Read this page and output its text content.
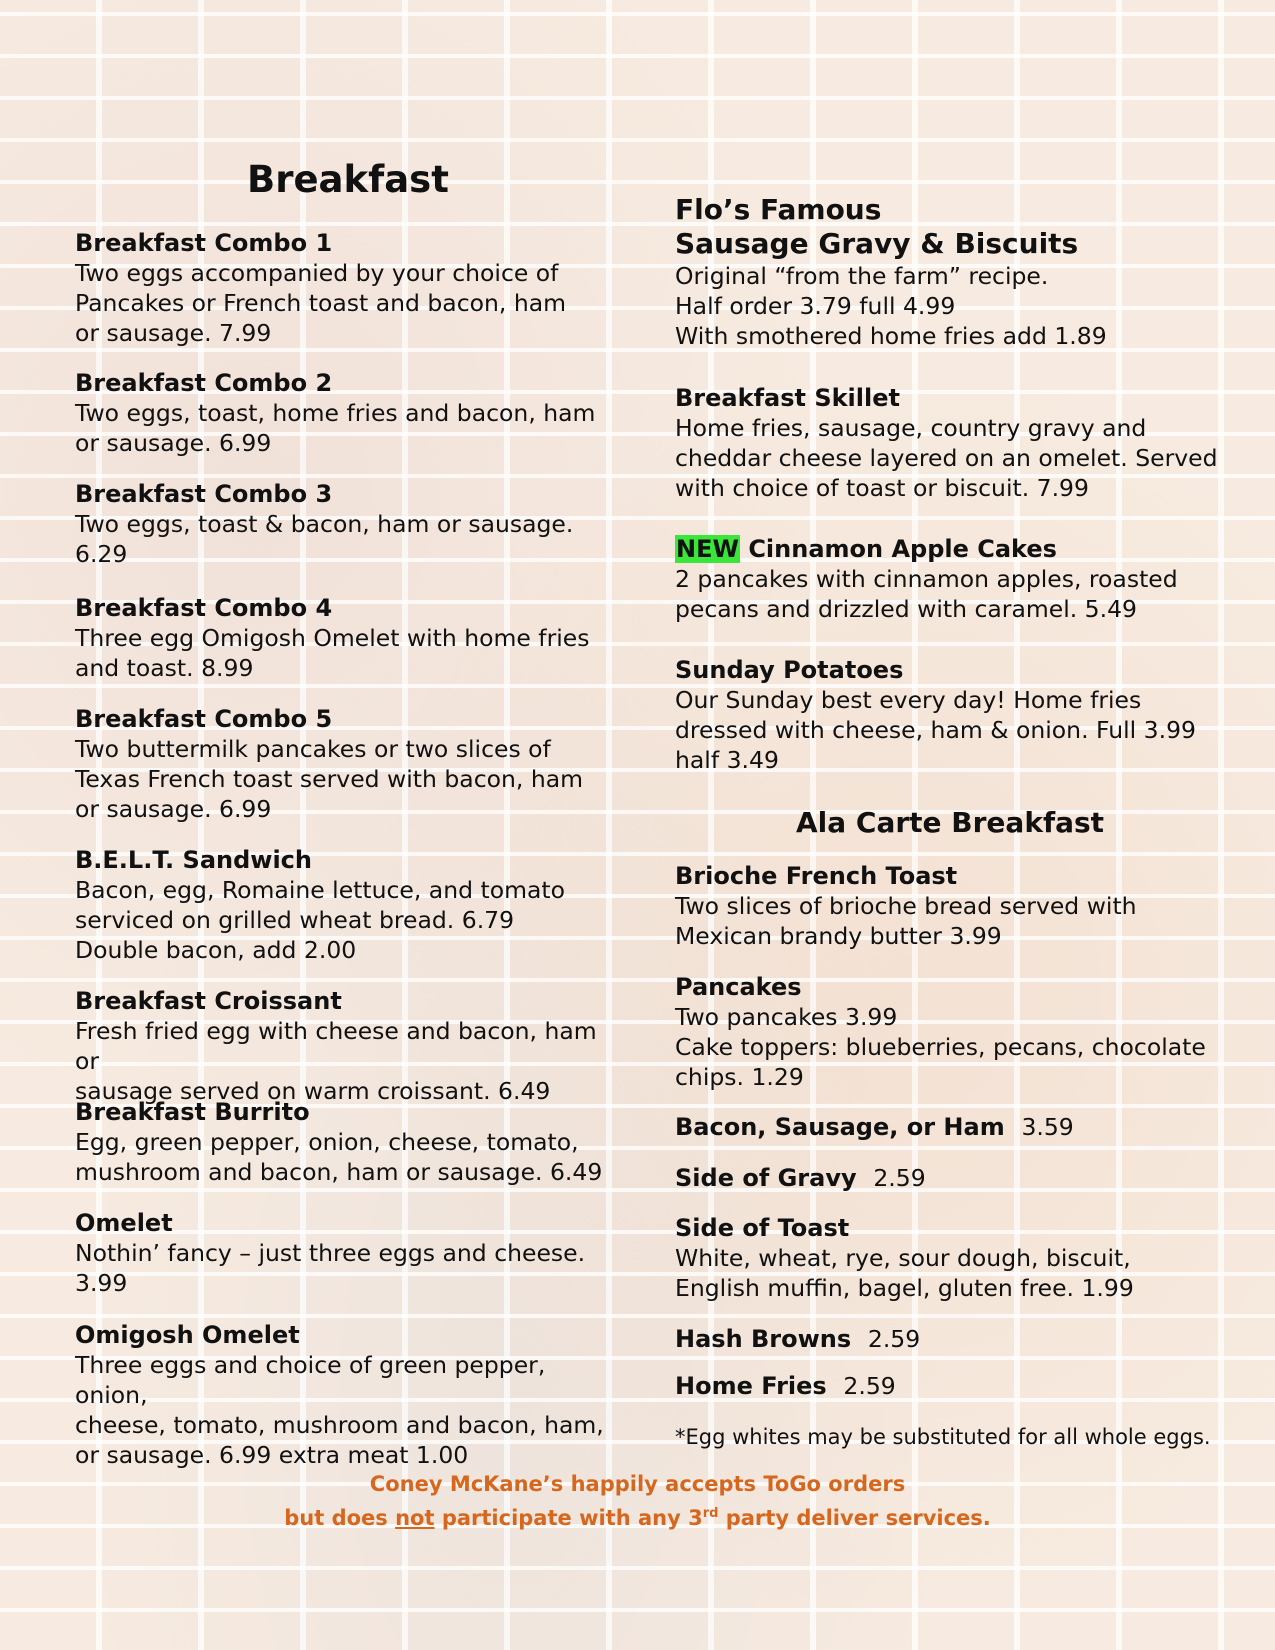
Breakfast
Breakfast Combo 1
Two eggs accompanied by your choice of
Pancakes or French toast and bacon, ham
or sausage. 7.99
Breakfast Combo 2
Two eggs, toast, home fries and bacon, ham
or sausage. 6.99
Breakfast Combo 3
Two eggs, toast & bacon, ham or sausage.
6.29
Breakfast Combo 4
Three egg Omigosh Omelet with home fries
and toast. 8.99
Breakfast Combo 5
Two buttermilk pancakes or two slices of
Texas French toast served with bacon, ham
or sausage. 6.99
B.E.L.T. Sandwich
Bacon, egg, Romaine lettuce, and tomato
serviced on grilled wheat bread. 6.79
Double bacon, add 2.00
Breakfast Croissant
Fresh fried egg with cheese and bacon, ham or
sausage served on warm croissant. 6.49
Breakfast Burrito
Egg, green pepper, onion, cheese, tomato,
mushroom and bacon, ham or sausage. 6.49
Omelet
Nothin’ fancy – just three eggs and cheese.
3.99
Omigosh Omelet
Three eggs and choice of green pepper, onion,
cheese, tomato, mushroom and bacon, ham,
or sausage. 6.99 extra meat 1.00
Flo’s Famous
Sausage Gravy & Biscuits
Original “from the farm” recipe.
Half order 3.79 full 4.99
With smothered home fries add 1.89
Breakfast Skillet
Home fries, sausage, country gravy and
cheddar cheese layered on an omelet. Served
with choice of toast or biscuit. 7.99
NEW Cinnamon Apple Cakes
2 pancakes with cinnamon apples, roasted
pecans and drizzled with caramel. 5.49
Sunday Potatoes
Our Sunday best every day! Home fries
dressed with cheese, ham & onion. Full 3.99
half 3.49
Ala Carte Breakfast
Brioche French Toast
Two slices of brioche bread served with
Mexican brandy butter 3.99
Pancakes
Two pancakes 3.99
Cake toppers: blueberries, pecans, chocolate
chips. 1.29
Bacon, Sausage, or Ham 3.59
Side of Gravy 2.59
Side of Toast
White, wheat, rye, sour dough, biscuit,
English muffin, bagel, gluten free. 1.99
Hash Browns 2.59
Home Fries 2.59
*Egg whites may be substituted for all whole eggs.
Coney McKane’s happily accepts ToGo orders
but does not participate with any 3rd party deliver services.
